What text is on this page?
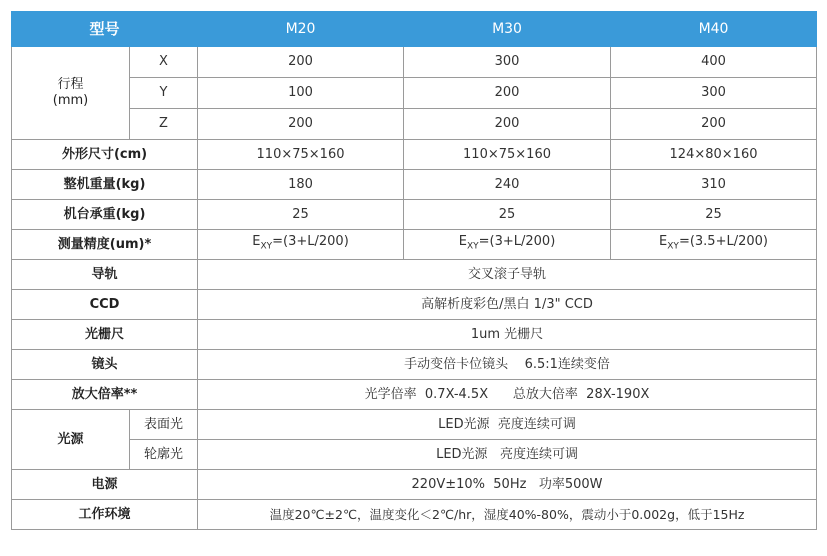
型号		M20	M30	M40

行程
(mm)	X	200	300	400
	Y	100	200	300
	Z	200	200	200
外形尺寸(cm)		110×75×160	110×75×160	124×80×160
整机重量(kg)		180	240	310
机台承重(kg)		25	25	25
测量精度(um)*		$E_{XY}=(3+L/200)$	$E_{XY}=(3+L/200)$	$E_{XY}=(3.5+L/200)$
导轨		交叉滚子导轨		
CCD		高解析度彩色/黑白 1/3" CCD		
光栅尺		1um 光栅尺		
镜头		手动变倍卡位镜头    6.5:1连续变倍		
放大倍率**		光学倍率  0.7X-4.5X      总放大倍率  28X-190X		
光源	表面光	LED光源  亮度连续可调		
	轮廓光	LED光源   亮度连续可调		
电源		220V±10%  50Hz   功率500W		
工作环境		温度20℃±2℃，温度变化＜2℃/hr，湿度40%-80%，震动小于0.002g，低于15Hz		
